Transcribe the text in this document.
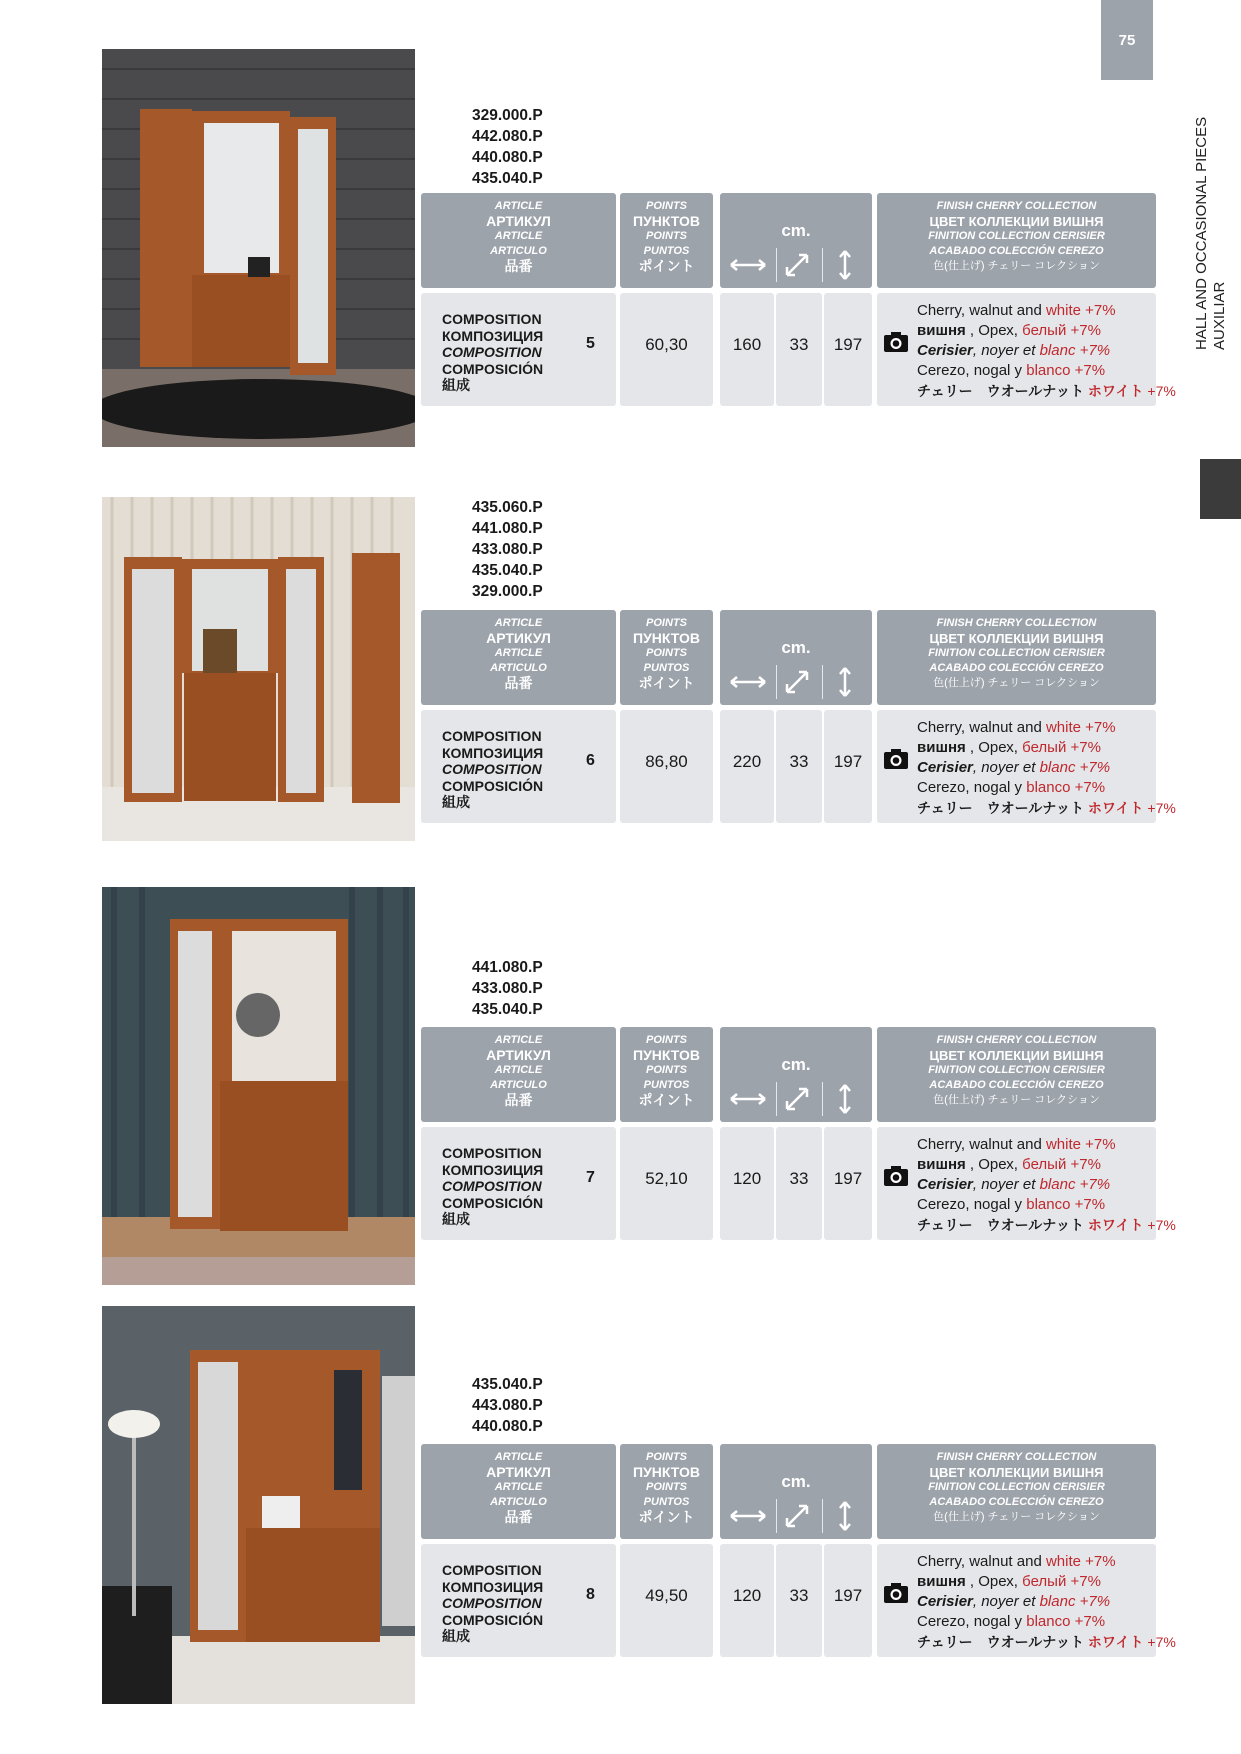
75
HALL AND OCCASIONAL PIECES AUXILIAR
329.000.P
442.080.P
440.080.P
435.040.P
ARTICLE
АРТИКУЛ
ARTICLE
ARTICULO
品番
POINTS
ПУНКТОВ
POINTS
PUNTOS
ポイント
cm.
FINISH CHERRY COLLECTION
ЦВЕТ КОЛЛЕКЦИИ ВИШНЯ
FINITION COLLECTION CERISIER
ACABADO COLECCIÓN CEREZO
色(仕上げ) チェリー コレクション
COMPOSITION
КОМПОЗИЦИЯ
COMPOSITION
COMPOSICIÓN
組成
5	60,30	160	33	197
Cherry, walnut and white +7%
вишня , Орех, белый +7%
Cerisier, noyer et blanc +7%
Cerezo, nogal y blanco +7%
チェリー　ウオールナット ホワイト +7%
435.060.P
441.080.P
433.080.P
435.040.P
329.000.P
ARTICLE
АРТИКУЛ
ARTICLE
ARTICULO
品番
POINTS
ПУНКТОВ
POINTS
PUNTOS
ポイント
cm.
FINISH CHERRY COLLECTION
ЦВЕТ КОЛЛЕКЦИИ ВИШНЯ
FINITION COLLECTION CERISIER
ACABADO COLECCIÓN CEREZO
色(仕上げ) チェリー コレクション
COMPOSITION
КОМПОЗИЦИЯ
COMPOSITION
COMPOSICIÓN
組成
6	86,80	220	33	197
Cherry, walnut and white +7%
вишня , Орех, белый +7%
Cerisier, noyer et blanc +7%
Cerezo, nogal y blanco +7%
チェリー　ウオールナット ホワイト +7%
441.080.P
433.080.P
435.040.P
ARTICLE
АРТИКУЛ
ARTICLE
ARTICULO
品番
POINTS
ПУНКТОВ
POINTS
PUNTOS
ポイント
cm.
FINISH CHERRY COLLECTION
ЦВЕТ КОЛЛЕКЦИИ ВИШНЯ
FINITION COLLECTION CERISIER
ACABADO COLECCIÓN CEREZO
色(仕上げ) チェリー コレクション
COMPOSITION
КОМПОЗИЦИЯ
COMPOSITION
COMPOSICIÓN
組成
7	52,10	120	33	197
Cherry, walnut and white +7%
вишня , Орех, белый +7%
Cerisier, noyer et blanc +7%
Cerezo, nogal y blanco +7%
チェリー　ウオールナット ホワイト +7%
435.040.P
443.080.P
440.080.P
ARTICLE
АРТИКУЛ
ARTICLE
ARTICULO
品番
POINTS
ПУНКТОВ
POINTS
PUNTOS
ポイント
cm.
FINISH CHERRY COLLECTION
ЦВЕТ КОЛЛЕКЦИИ ВИШНЯ
FINITION COLLECTION CERISIER
ACABADO COLECCIÓN CEREZO
色(仕上げ) チェリー コレクション
COMPOSITION
КОМПОЗИЦИЯ
COMPOSITION
COMPOSICIÓN
組成
8	49,50	120	33	197
Cherry, walnut and white +7%
вишня , Орех, белый +7%
Cerisier, noyer et blanc +7%
Cerezo, nogal y blanco +7%
チェリー　ウオールナット ホワイト +7%
